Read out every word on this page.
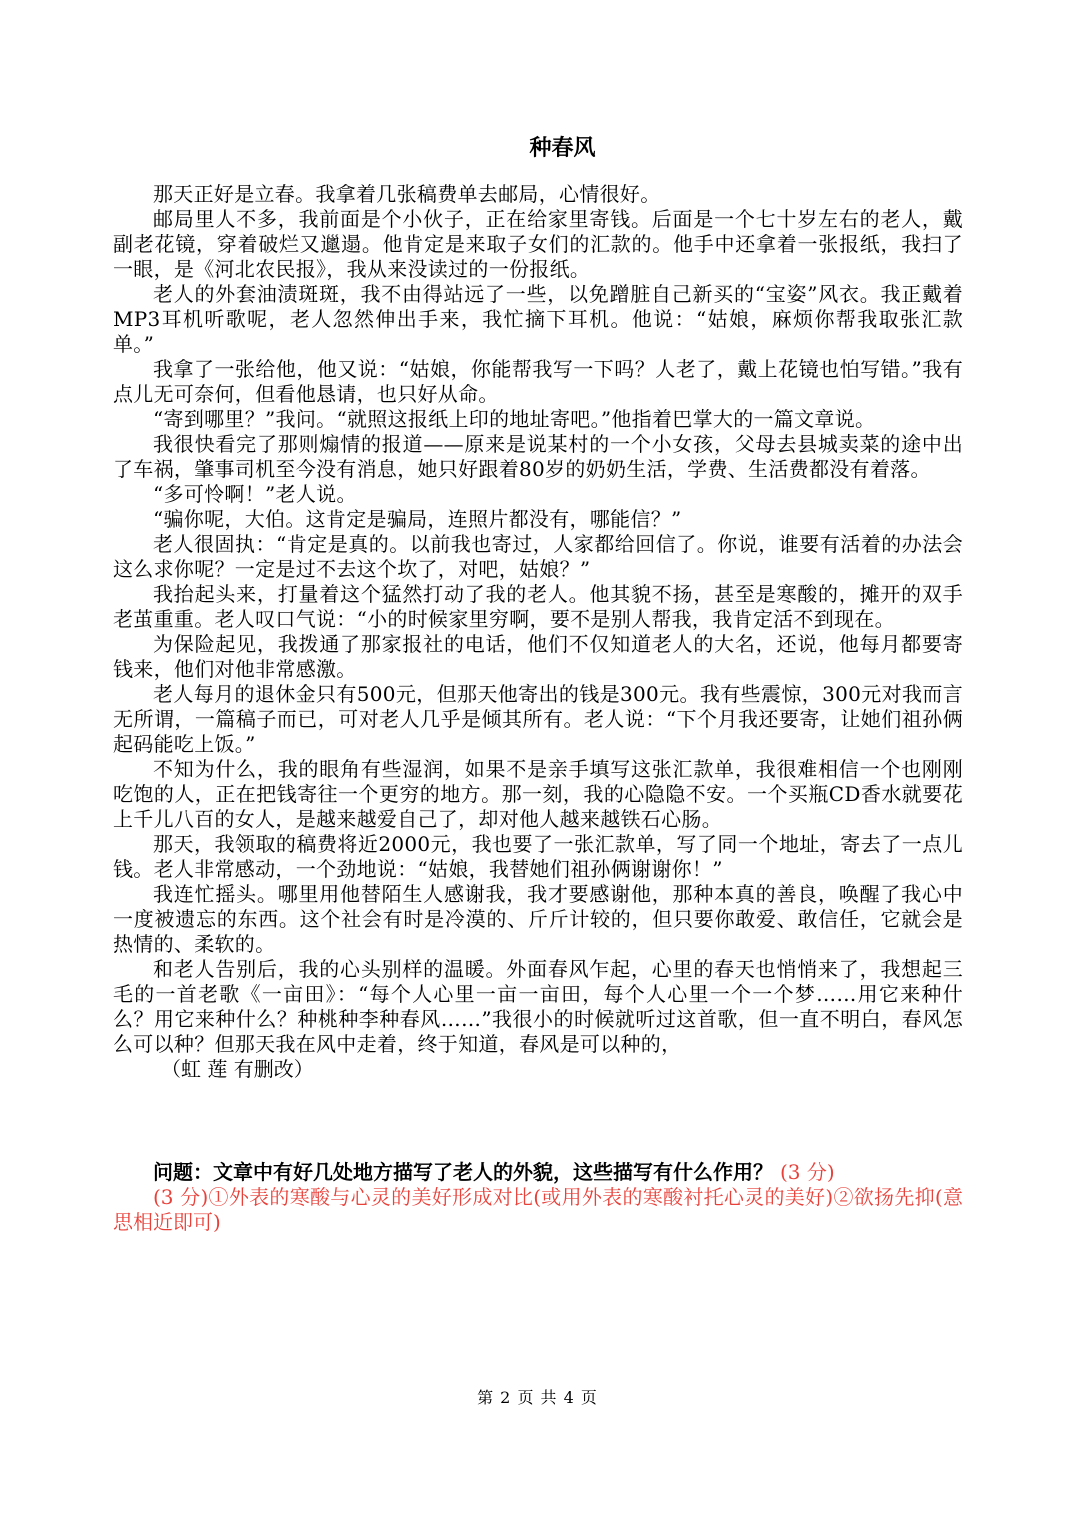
种春风

那天正好是立春。我拿着几张稿费单去邮局，心情很好。

邮局里人不多，我前面是个小伙子，正在给家里寄钱。后面是一个七十岁左右的老人，戴副老花镜，穿着破烂又邋遢。他肯定是来取子女们的汇款的。他手中还拿着一张报纸，我扫了一眼，是《河北农民报》，我从来没读过的一份报纸。

老人的外套油渍斑斑，我不由得站远了一些，以免蹭脏自己新买的“宝姿”风衣。我正戴着MP3耳机听歌呢，老人忽然伸出手来，我忙摘下耳机。他说：“姑娘，麻烦你帮我取张汇款单。”

我拿了一张给他，他又说：“姑娘，你能帮我写一下吗？人老了，戴上花镜也怕写错。”我有点儿无可奈何，但看他恳请，也只好从命。

“寄到哪里？”我问。“就照这报纸上印的地址寄吧。”他指着巴掌大的一篇文章说。

我很快看完了那则煽情的报道——原来是说某村的一个小女孩，父母去县城卖菜的途中出了车祸，肇事司机至今没有消息，她只好跟着80岁的奶奶生活，学费、生活费都没有着落。

“多可怜啊！”老人说。

“骗你呢，大伯。这肯定是骗局，连照片都没有，哪能信？”

老人很固执：“肯定是真的。以前我也寄过，人家都给回信了。你说，谁要有活着的办法会这么求你呢？一定是过不去这个坎了，对吧，姑娘？”

我抬起头来，打量着这个猛然打动了我的老人。他其貌不扬，甚至是寒酸的，摊开的双手老茧重重。老人叹口气说：“小的时候家里穷啊，要不是别人帮我，我肯定活不到现在。

为保险起见，我拨通了那家报社的电话，他们不仅知道老人的大名，还说，他每月都要寄钱来，他们对他非常感激。

老人每月的退休金只有500元，但那天他寄出的钱是300元。我有些震惊，300元对我而言无所谓，一篇稿子而已，可对老人几乎是倾其所有。老人说：“下个月我还要寄，让她们祖孙俩起码能吃上饭。”

不知为什么，我的眼角有些湿润，如果不是亲手填写这张汇款单，我很难相信一个也刚刚吃饱的人，正在把钱寄往一个更穷的地方。那一刻，我的心隐隐不安。一个买瓶CD香水就要花上千儿八百的女人，是越来越爱自己了，却对他人越来越铁石心肠。

那天，我领取的稿费将近2000元，我也要了一张汇款单，写了同一个地址，寄去了一点儿钱。老人非常感动，一个劲地说：“姑娘，我替她们祖孙俩谢谢你！”

我连忙摇头。哪里用他替陌生人感谢我，我才要感谢他，那种本真的善良，唤醒了我心中一度被遗忘的东西。这个社会有时是冷漠的、斤斤计较的，但只要你敢爱、敢信任，它就会是热情的、柔软的。

和老人告别后，我的心头别样的温暖。外面春风乍起，心里的春天也悄悄来了，我想起三毛的一首老歌《一亩田》：“每个人心里一亩一亩田，每个人心里一个一个梦……用它来种什么？用它来种什么？种桃种李种春风……”我很小的时候就听过这首歌，但一直不明白，春风怎么可以种？但那天我在风中走着，终于知道，春风是可以种的，

（虹 莲 有删改）

问题：文章中有好几处地方描写了老人的外貌，这些描写有什么作用？ (3 分)

(3 分)①外表的寒酸与心灵的美好形成对比(或用外表的寒酸衬托心灵的美好)②欲扬先抑(意思相近即可)

第 2 页 共 4 页
